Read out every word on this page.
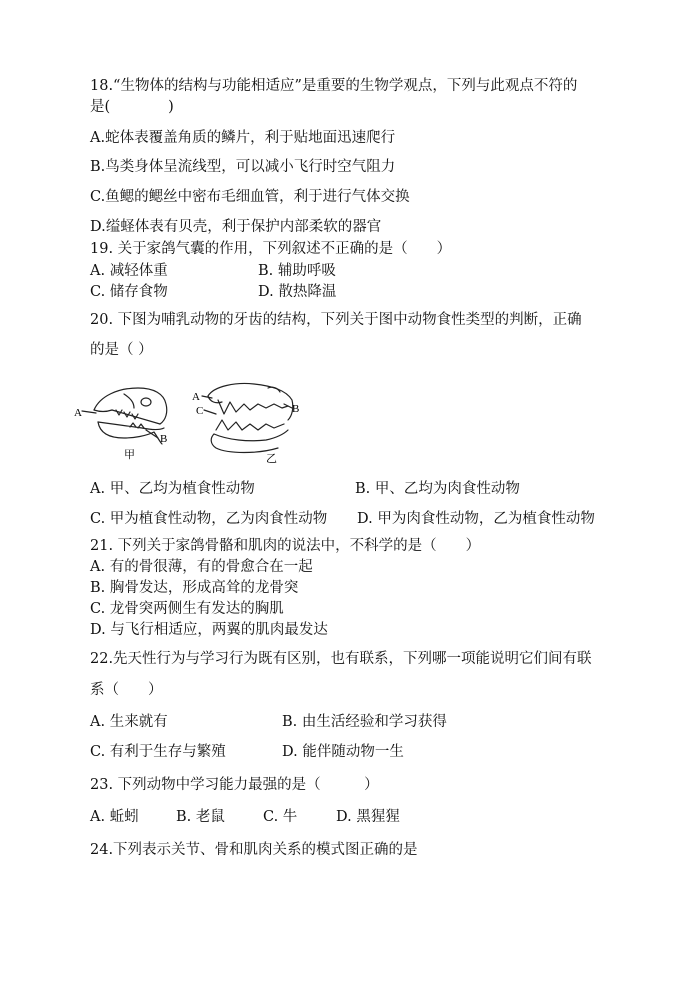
18.“生物体的结构与功能相适应”是重要的生物学观点，下列与此观点不符的
是(　　　　)
A.蛇体表覆盖角质的鳞片，利于贴地面迅速爬行
B.鸟类身体呈流线型，可以减小飞行时空气阻力
C.鱼鳃的鳃丝中密布毛细血管，利于进行气体交换
D.缢蛏体表有贝壳，利于保护内部柔软的器官
19. 关于家鸽气囊的作用，下列叙述不正确的是（　　）
A. 减轻体重	B. 辅助呼吸
C. 储存食物	D. 散热降温
20. 下图为哺乳动物的牙齿的结构，下列关于图中动物食性类型的判断，正确
的是（ ）
A
B
甲
A
C	B
乙
A. 甲、乙均为植食性动物	B. 甲、乙均为肉食性动物
C. 甲为植食性动物，乙为肉食性动物 D. 甲为肉食性动物，乙为植食性动物
21. 下列关于家鸽骨骼和肌肉的说法中，不科学的是（　　）
A. 有的骨很薄，有的骨愈合在一起
B. 胸骨发达，形成高耸的龙骨突
C. 龙骨突两侧生有发达的胸肌
D. 与飞行相适应，两翼的肌肉最发达
22.先天性行为与学习行为既有区别，也有联系，下列哪一项能说明它们间有联
系（　　）
A. 生来就有	B. 由生活经验和学习获得
C. 有利于生存与繁殖	D. 能伴随动物一生
23. 下列动物中学习能力最强的是（　　　）
A. 蚯蚓	B. 老鼠	C. 牛	D. 黑猩猩
24.下列表示关节、骨和肌肉关系的模式图正确的是
